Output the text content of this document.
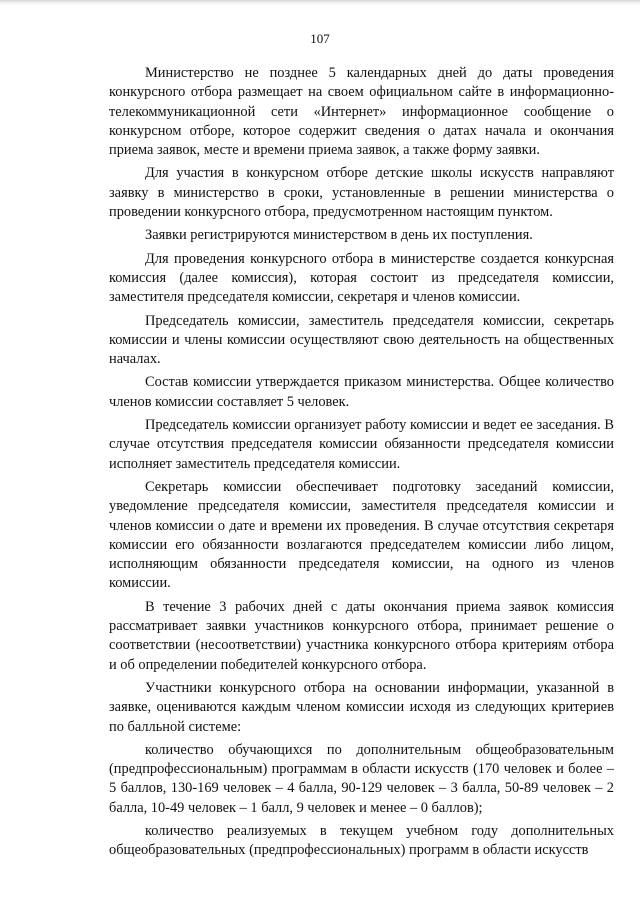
107

Министерство не позднее 5 календарных дней до даты проведения конкурсного отбора размещает на своем официальном сайте в информационно-телекоммуникационной сети «Интернет» информационное сообщение о конкурсном отборе, которое содержит сведения о датах начала и окончания приема заявок, месте и времени приема заявок, а также форму заявки.

Для участия в конкурсном отборе детские школы искусств направляют заявку в министерство в сроки, установленные в решении министерства о проведении конкурсного отбора, предусмотренном настоящим пунктом.

Заявки регистрируются министерством в день их поступления.

Для проведения конкурсного отбора в министерстве создается конкурсная комиссия (далее комиссия), которая состоит из председателя комиссии, заместителя председателя комиссии, секретаря и членов комиссии.

Председатель комиссии, заместитель председателя комиссии, секретарь комиссии и члены комиссии осуществляют свою деятельность на общественных началах.

Состав комиссии утверждается приказом министерства. Общее количество членов комиссии составляет 5 человек.

Председатель комиссии организует работу комиссии и ведет ее заседания. В случае отсутствия председателя комиссии обязанности председателя комиссии исполняет заместитель председателя комиссии.

Секретарь комиссии обеспечивает подготовку заседаний комиссии, уведомление председателя комиссии, заместителя председателя комиссии и членов комиссии о дате и времени их проведения. В случае отсутствия секретаря комиссии его обязанности возлагаются председателем комиссии либо лицом, исполняющим обязанности председателя комиссии, на одного из членов комиссии.

В течение 3 рабочих дней с даты окончания приема заявок комиссия рассматривает заявки участников конкурсного отбора, принимает решение о соответствии (несоответствии) участника конкурсного отбора критериям отбора и об определении победителей конкурсного отбора.

Участники конкурсного отбора на основании информации, указанной в заявке, оцениваются каждым членом комиссии исходя из следующих критериев по балльной системе:

количество обучающихся по дополнительным общеобразовательным (предпрофессиональным) программам в области искусств (170 человек и более – 5 баллов, 130-169 человек – 4 балла, 90-129 человек – 3 балла, 50-89 человек – 2 балла, 10-49 человек – 1 балл, 9 человек и менее – 0 баллов);

количество реализуемых в текущем учебном году дополнительных общеобразовательных (предпрофессиональных) программ в области искусств
